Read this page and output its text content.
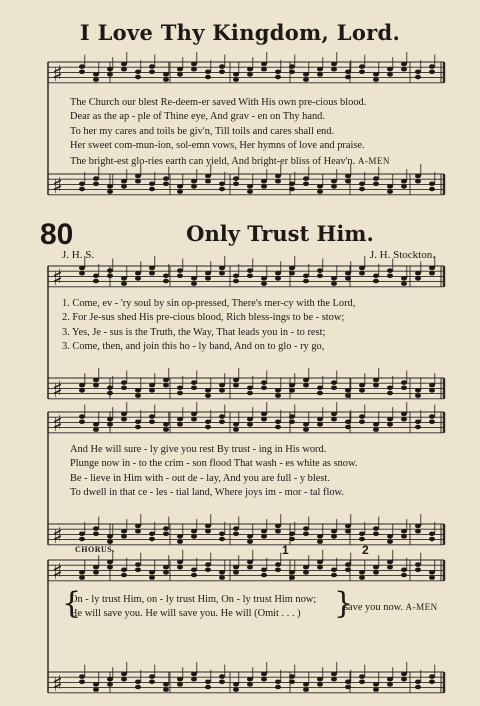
♯
♯
♯
♯
♯
♯
♯
♯
I Love Thy Kingdom, Lord.
The Church our blest Re-deem-er saved With His own pre-cious blood.
Dear as the ap - ple of Thine eye, And grav - en on Thy hand.
To her my cares and toils be giv'n, Till toils and cares shall end.
Her sweet com-mun-ion, sol-emn vows, Her hymns of love and praise.
The bright-est glo-ries earth can yield, And bright-er bliss of Heav'n. A-MEN
80	Only Trust Him.
J. H. S.	J. H. Stockton.
1. Come, ev - 'ry soul by sin op-pressed, There's mer-cy with the Lord,
2. For Je-sus shed His pre-cious blood, Rich bless-ings to be - stow;
3. Yes, Je - sus is the Truth, the Way, That leads you in - to rest;
3. Come, then, and join this ho - ly band, And on to glo - ry go,
And He will sure - ly give you rest By trust - ing in His word.
Plunge now in - to the crim - son flood That wash - es white as snow.
Be - lieve in Him with - out de - lay, And you are full - y blest.
To dwell in that ce - les - tial land, Where joys im - mor - tal flow.
CHORUS.	1	2
{
On - ly trust Him, on - ly trust Him, On - ly trust Him now;
He will save you. He will save you. He will (Omit . . . )	}
save you now. A-MEN
